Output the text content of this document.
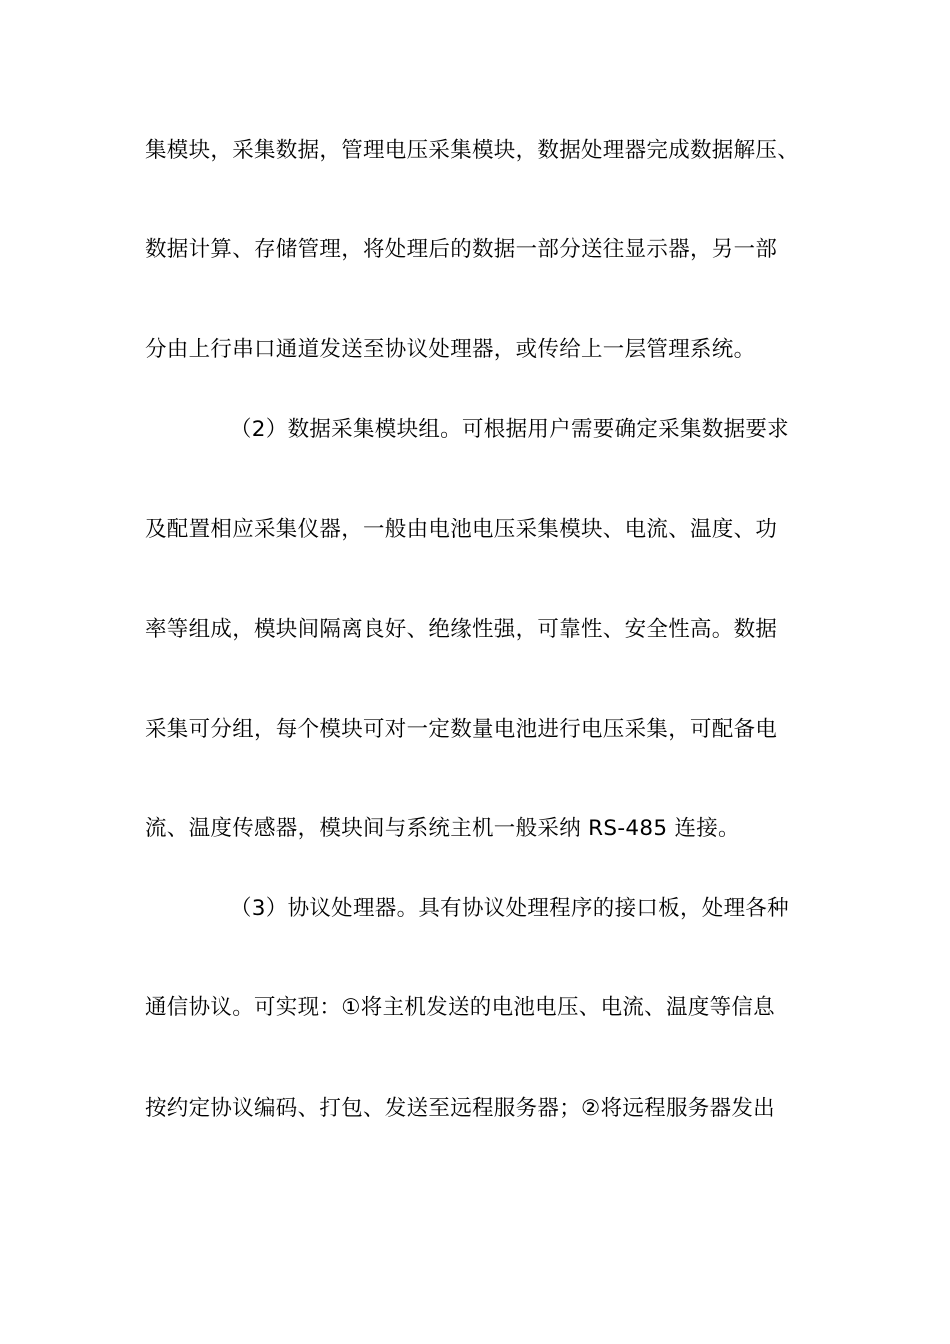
集模块，采集数据，管理电压采集模块，数据处理器完成数据解压、
数据计算、存储管理，将处理后的数据一部分送往显示器，另一部
分由上行串口通道发送至协议处理器，或传给上一层管理系统。
（2）数据采集模块组。可根据用户需要确定采集数据要求
及配置相应采集仪器，一般由电池电压采集模块、电流、温度、功
率等组成，模块间隔离良好、绝缘性强，可靠性、安全性高。数据
采集可分组，每个模块可对一定数量电池进行电压采集，可配备电
流、温度传感器，模块间与系统主机一般采纳 RS-485 连接。
（3）协议处理器。具有协议处理程序的接口板，处理各种
通信协议。可实现：①将主机发送的电池电压、电流、温度等信息
按约定协议编码、打包、发送至远程服务器；②将远程服务器发出
